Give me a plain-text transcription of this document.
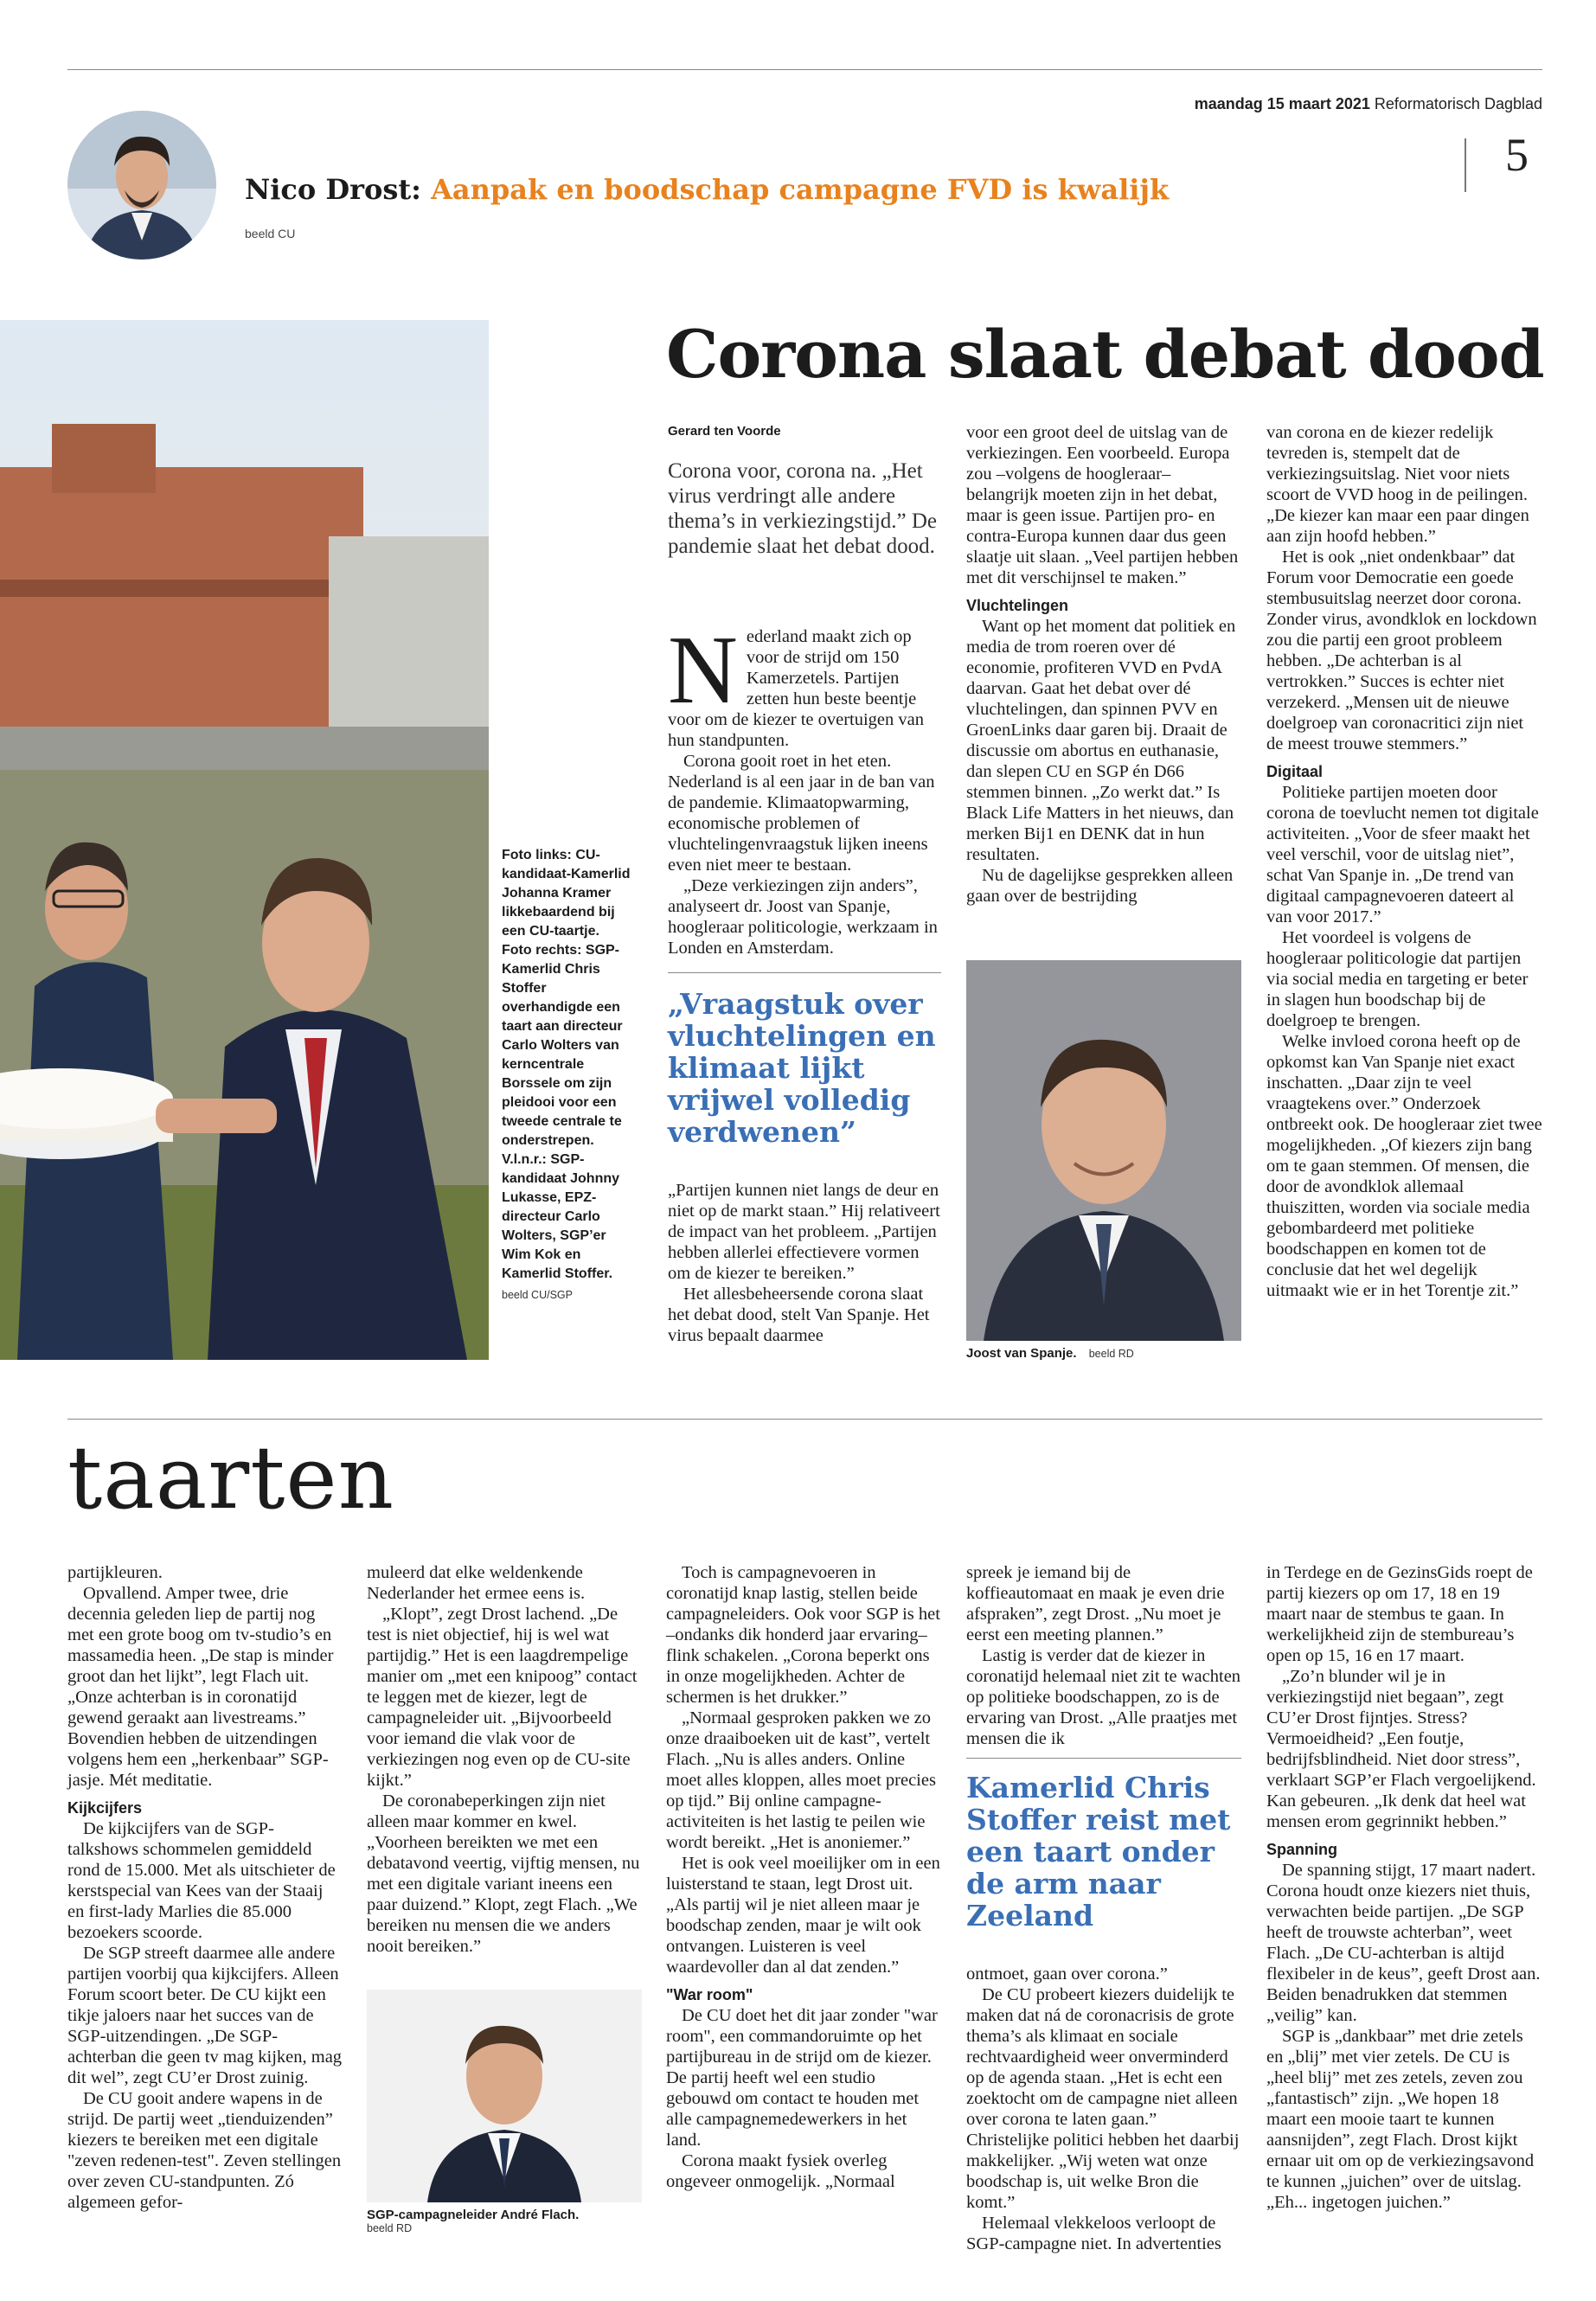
maandag 15 maart 2021 Reformatorisch Dagblad
5
Nico Drost: Aanpak en boodschap campagne FVD is kwalijk
beeld CU
Foto links: CU-kandidaat-Kamerlid Johanna Kramer likkebaardend bij een CU-taartje. Foto rechts: SGP-Kamerlid Chris Stoffer overhandigde een taart aan directeur Carlo Wolters van kerncentrale Borssele om zijn pleidooi voor een tweede centrale te onderstrepen. V.l.n.r.: SGP-kandidaat Johnny Lukasse, EPZ-directeur Carlo Wolters, SGP’er Wim Kok en Kamerlid Stoffer.
beeld CU/SGP
Corona slaat debat dood
Gerard ten Voorde
Corona voor, corona na. „Het virus verdringt alle andere thema’s in verkiezingstijd.” De pandemie slaat het debat dood.

Nederland maakt zich op voor de strijd om 150 Kamerzetels. Partijen zetten hun beste beentje voor om de kiezer te overtuigen van hun standpunten.

Corona gooit roet in het eten. Nederland is al een jaar in de ban van de pandemie. Klimaatopwarming, economische problemen of vluchtelingenvraagstuk lijken ineens even niet meer te bestaan.

„Deze verkiezingen zijn anders”, analyseert dr. Joost van Spanje, hoogleraar politicologie, werkzaam in Londen en Amsterdam.

„Vraagstuk over vluchtelingen en klimaat lijkt vrijwel volledig verdwenen”

„Partijen kunnen niet langs de deur en niet op de markt staan.” Hij relativeert de impact van het probleem. „Partijen hebben allerlei effectievere vormen om de kiezer te bereiken.”

Het allesbeheersende corona slaat het debat dood, stelt Van Spanje. Het virus bepaalt daarmee

voor een groot deel de uitslag van de verkiezingen. Een voorbeeld. Europa zou –volgens de hoogleraar– belangrijk moeten zijn in het debat, maar is geen issue. Partijen pro- en contra-Europa kunnen daar dus geen slaatje uit slaan. „Veel partijen hebben met dit verschijnsel te maken.”

Vluchtelingen

Want op het moment dat politiek en media de trom roeren over dé economie, profiteren VVD en PvdA daarvan. Gaat het debat over dé vluchtelingen, dan spinnen PVV en GroenLinks daar garen bij. Draait de discussie om abortus en euthanasie, dan slepen CU en SGP én D66 stemmen binnen. „Zo werkt dat.” Is Black Life Matters in het nieuws, dan merken Bij1 en DENK dat in hun resultaten.

Nu de dagelijkse gesprekken alleen gaan over de bestrijding

Joost van Spanje. beeld RD

van corona en de kiezer redelijk tevreden is, stempelt dat de verkiezingsuitslag. Niet voor niets scoort de VVD hoog in de peilingen. „De kiezer kan maar een paar dingen aan zijn hoofd hebben.”

Het is ook „niet ondenkbaar” dat Forum voor Democratie een goede stembusuitslag neerzet door corona. Zonder virus, avondklok en lockdown zou die partij een groot probleem hebben. „De achterban is al vertrokken.” Succes is echter niet verzekerd. „Mensen uit de nieuwe doelgroep van coronacritici zijn niet de meest trouwe stemmers.”

Digitaal

Politieke partijen moeten door corona de toevlucht nemen tot digitale activiteiten. „Voor de sfeer maakt het veel verschil, voor de uitslag niet”, schat Van Spanje in. „De trend van digitaal campagnevoeren dateert al van voor 2017.”

Het voordeel is volgens de hoogleraar politicologie dat partijen via social media en targeting er beter in slagen hun boodschap bij de doelgroep te brengen.

Welke invloed corona heeft op de opkomst kan Van Spanje niet exact inschatten. „Daar zijn te veel vraagtekens over.” Onderzoek ontbreekt ook. De hoogleraar ziet twee mogelijkheden. „Of kiezers zijn bang om te gaan stemmen. Of mensen, die door de avondklok allemaal thuiszitten, worden via sociale media gebombardeerd met politieke boodschappen en komen tot de conclusie dat het wel degelijk uitmaakt wie er in het Torentje zit.”

taarten

partijkleuren.

Opvallend. Amper twee, drie decennia geleden liep de partij nog met een grote boog om tv-studio’s en massamedia heen. „De stap is minder groot dan het lijkt”, legt Flach uit. „Onze achterban is in coronatijd gewend geraakt aan livestreams.” Bovendien hebben de uitzendingen volgens hem een „herkenbaar” SGP-jasje. Mét meditatie.

Kijkcijfers

De kijkcijfers van de SGP-talkshows schommelen gemiddeld rond de 15.000. Met als uitschieter de kerstspecial van Kees van der Staaij en first-lady Marlies die 85.000 bezoekers scoorde.

De SGP streeft daarmee alle andere partijen voorbij qua kijkcijfers. Alleen Forum scoort beter. De CU kijkt een tikje jaloers naar het succes van de SGP-uitzendingen. „De SGP-achterban die geen tv mag kijken, mag dit wel”, zegt CU’er Drost zuinig.

De CU gooit andere wapens in de strijd. De partij weet „tienduizenden” kiezers te bereiken met een digitale "zeven redenen-test". Zeven stellingen over zeven CU-standpunten. Zó algemeen gefor-

muleerd dat elke weldenkende Nederlander het ermee eens is.

„Klopt”, zegt Drost lachend. „De test is niet objectief, hij is wel wat partijdig.” Het is een laagdrempelige manier om „met een knipoog” contact te leggen met de kiezer, legt de campagneleider uit. „Bijvoorbeeld voor iemand die vlak voor de verkiezingen nog even op de CU-site kijkt.”

De coronabeperkingen zijn niet alleen maar kommer en kwel. „Voorheen bereikten we met een debatavond veertig, vijftig mensen, nu met een digitale variant ineens een paar duizend.” Klopt, zegt Flach. „We bereiken nu mensen die we anders nooit bereiken.”

SGP-campagneleider André Flach.
beeld RD

Toch is campagnevoeren in coronatijd knap lastig, stellen beide campagneleiders. Ook voor SGP is het –ondanks dik honderd jaar ervaring– flink schakelen. „Corona beperkt ons in onze mogelijkheden. Achter de schermen is het drukker.”

„Normaal gesproken pakken we zo onze draaiboeken uit de kast”, vertelt Flach. „Nu is alles anders. Online moet alles kloppen, alles moet precies op tijd.” Bij online campagne-activiteiten is het lastig te peilen wie wordt bereikt. „Het is anoniemer.”

Het is ook veel moeilijker om in een luisterstand te staan, legt Drost uit. „Als partij wil je niet alleen maar je boodschap zenden, maar je wilt ook ontvangen. Luisteren is veel waardevoller dan al dat zenden.”

"War room"

De CU doet het dit jaar zonder "war room", een commandoruimte op het partijbureau in de strijd om de kiezer. De partij heeft wel een studio gebouwd om contact te houden met alle campagnemedewerkers in het land.

Corona maakt fysiek overleg ongeveer onmogelijk. „Normaal

spreek je iemand bij de koffieautomaat en maak je even drie afspraken”, zegt Drost. „Nu moet je eerst een meeting plannen.”

Lastig is verder dat de kiezer in coronatijd helemaal niet zit te wachten op politieke boodschappen, zo is de ervaring van Drost. „Alle praatjes met mensen die ik

Kamerlid Chris Stoffer reist met een taart onder de arm naar Zeeland

ontmoet, gaan over corona.”

De CU probeert kiezers duidelijk te maken dat ná de coronacrisis de grote thema’s als klimaat en sociale rechtvaardigheid weer onverminderd op de agenda staan. „Het is echt een zoektocht om de campagne niet alleen over corona te laten gaan.” Christelijke politici hebben het daarbij makkelijker. „Wij weten wat onze boodschap is, uit welke Bron die komt.”

Helemaal vlekkeloos verloopt de SGP-campagne niet. In advertenties

in Terdege en de GezinsGids roept de partij kiezers op om 17, 18 en 19 maart naar de stembus te gaan. In werkelijkheid zijn de stembureau’s open op 15, 16 en 17 maart.

„Zo’n blunder wil je in verkiezingstijd niet begaan”, zegt CU’er Drost fijntjes. Stress? Vermoeidheid? „Een foutje, bedrijfsblindheid. Niet door stress”, verklaart SGP’er Flach vergoelijkend. Kan gebeuren. „Ik denk dat heel wat mensen erom gegrinnikt hebben.”

Spanning

De spanning stijgt, 17 maart nadert. Corona houdt onze kiezers niet thuis, verwachten beide partijen. „De SGP heeft de trouwste achterban”, weet Flach. „De CU-achterban is altijd flexibeler in de keus”, geeft Drost aan. Beiden benadrukken dat stemmen „veilig” kan.

SGP is „dankbaar” met drie zetels en „blij” met vier zetels. De CU is „heel blij” met zes zetels, zeven zou „fantastisch” zijn. „We hopen 18 maart een mooie taart te kunnen aansnijden”, zegt Flach. Drost kijkt ernaar uit om op de verkiezingsavond te kunnen „juichen” over de uitslag. „Eh... ingetogen juichen.”
